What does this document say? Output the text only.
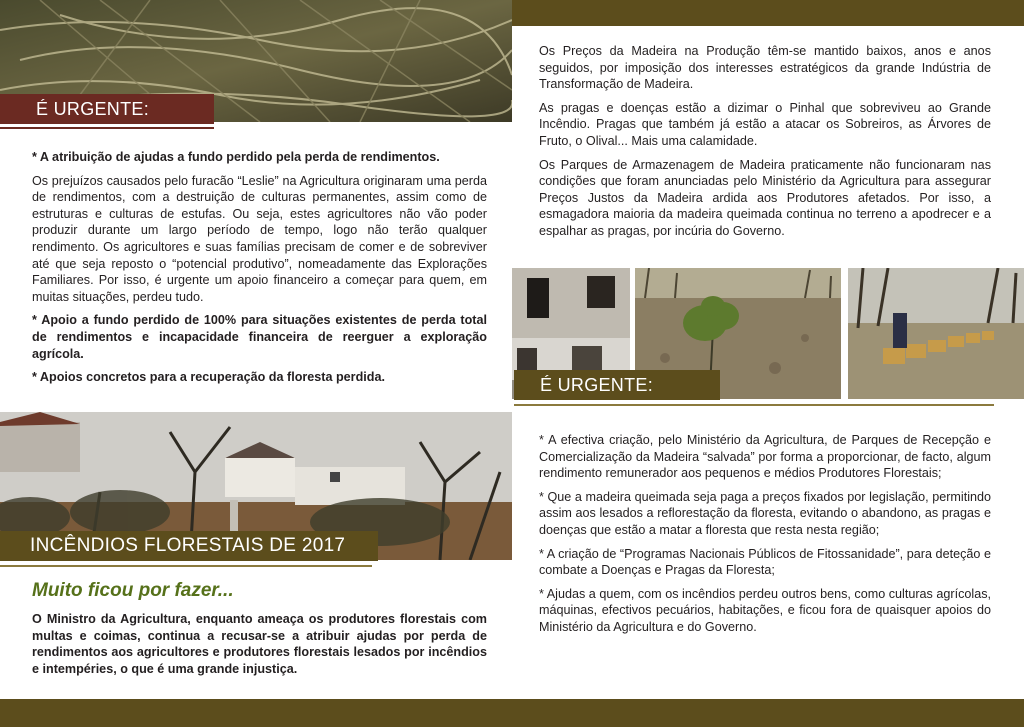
É URGENTE:

* A atribuição de ajudas a fundo perdido pela perda de rendimentos.

Os prejuízos causados pelo furacão “Leslie” na Agricultura originaram uma perda de rendimentos, com a destruição de culturas permanentes, assim como de estruturas e culturas de estufas. Ou seja, estes agricultores não vão poder produzir durante um largo período de tempo, logo não terão qualquer rendimento. Os agricultores e suas famílias precisam de comer e de sobreviver até que seja reposto o “potencial produtivo”, nomeadamente das Explorações Familiares. Por isso, é urgente um apoio financeiro a começar para quem, em muitas situações, perdeu tudo.

* Apoio a fundo perdido de 100% para situações existentes de perda total de rendimentos e incapacidade financeira de reerguer a exploração agrícola.

* Apoios concretos para a recuperação da floresta perdida.

INCÊNDIOS FLORESTAIS DE 2017
Muito ficou por fazer...
O Ministro da Agricultura, enquanto ameaça os produtores florestais com multas e coimas, continua a recusar-se a atribuir ajudas por perda de rendimentos aos agricultores e produtores florestais lesados por incêndios e intempéries, o que é uma grande injustiça.

Os Preços da Madeira na Produção têm-se mantido baixos, anos e anos seguidos, por imposição dos interesses estratégicos da grande Indústria de Transformação de Madeira.

As pragas e doenças estão a dizimar o Pinhal que sobreviveu ao Grande Incêndio. Pragas que também já estão a atacar os Sobreiros, as Árvores de Fruto, o Olival... Mais uma calamidade.

Os Parques de Armazenagem de Madeira praticamente não funcionaram nas condições que foram anunciadas pelo Ministério da Agricultura para assegurar Preços Justos da Madeira ardida aos Produtores afetados. Por isso, a esmagadora maioria da madeira queimada continua no terreno a apodrecer e a espalhar as pragas, por incúria do Governo.

É URGENTE:

* A efectiva criação, pelo Ministério da Agricultura, de Parques de Recepção e Comercialização da Madeira “salvada” por forma a proporcionar, de facto, algum rendimento remunerador aos pequenos e médios Produtores Florestais;

* Que a madeira queimada seja paga a preços fixados por legislação, permitindo assim aos lesados a reflorestação da floresta, evitando o abandono, as pragas e doenças que estão a matar a floresta que resta nesta região;

* A criação de “Programas Nacionais Públicos de Fitossanidade”, para deteção e combate a Doenças e Pragas da Floresta;

* Ajudas a quem, com os incêndios perdeu outros bens, como culturas agrícolas, máquinas, efectivos pecuários, habitações, e ficou fora de quaisquer apoios do Ministério da Agricultura e do Governo.
